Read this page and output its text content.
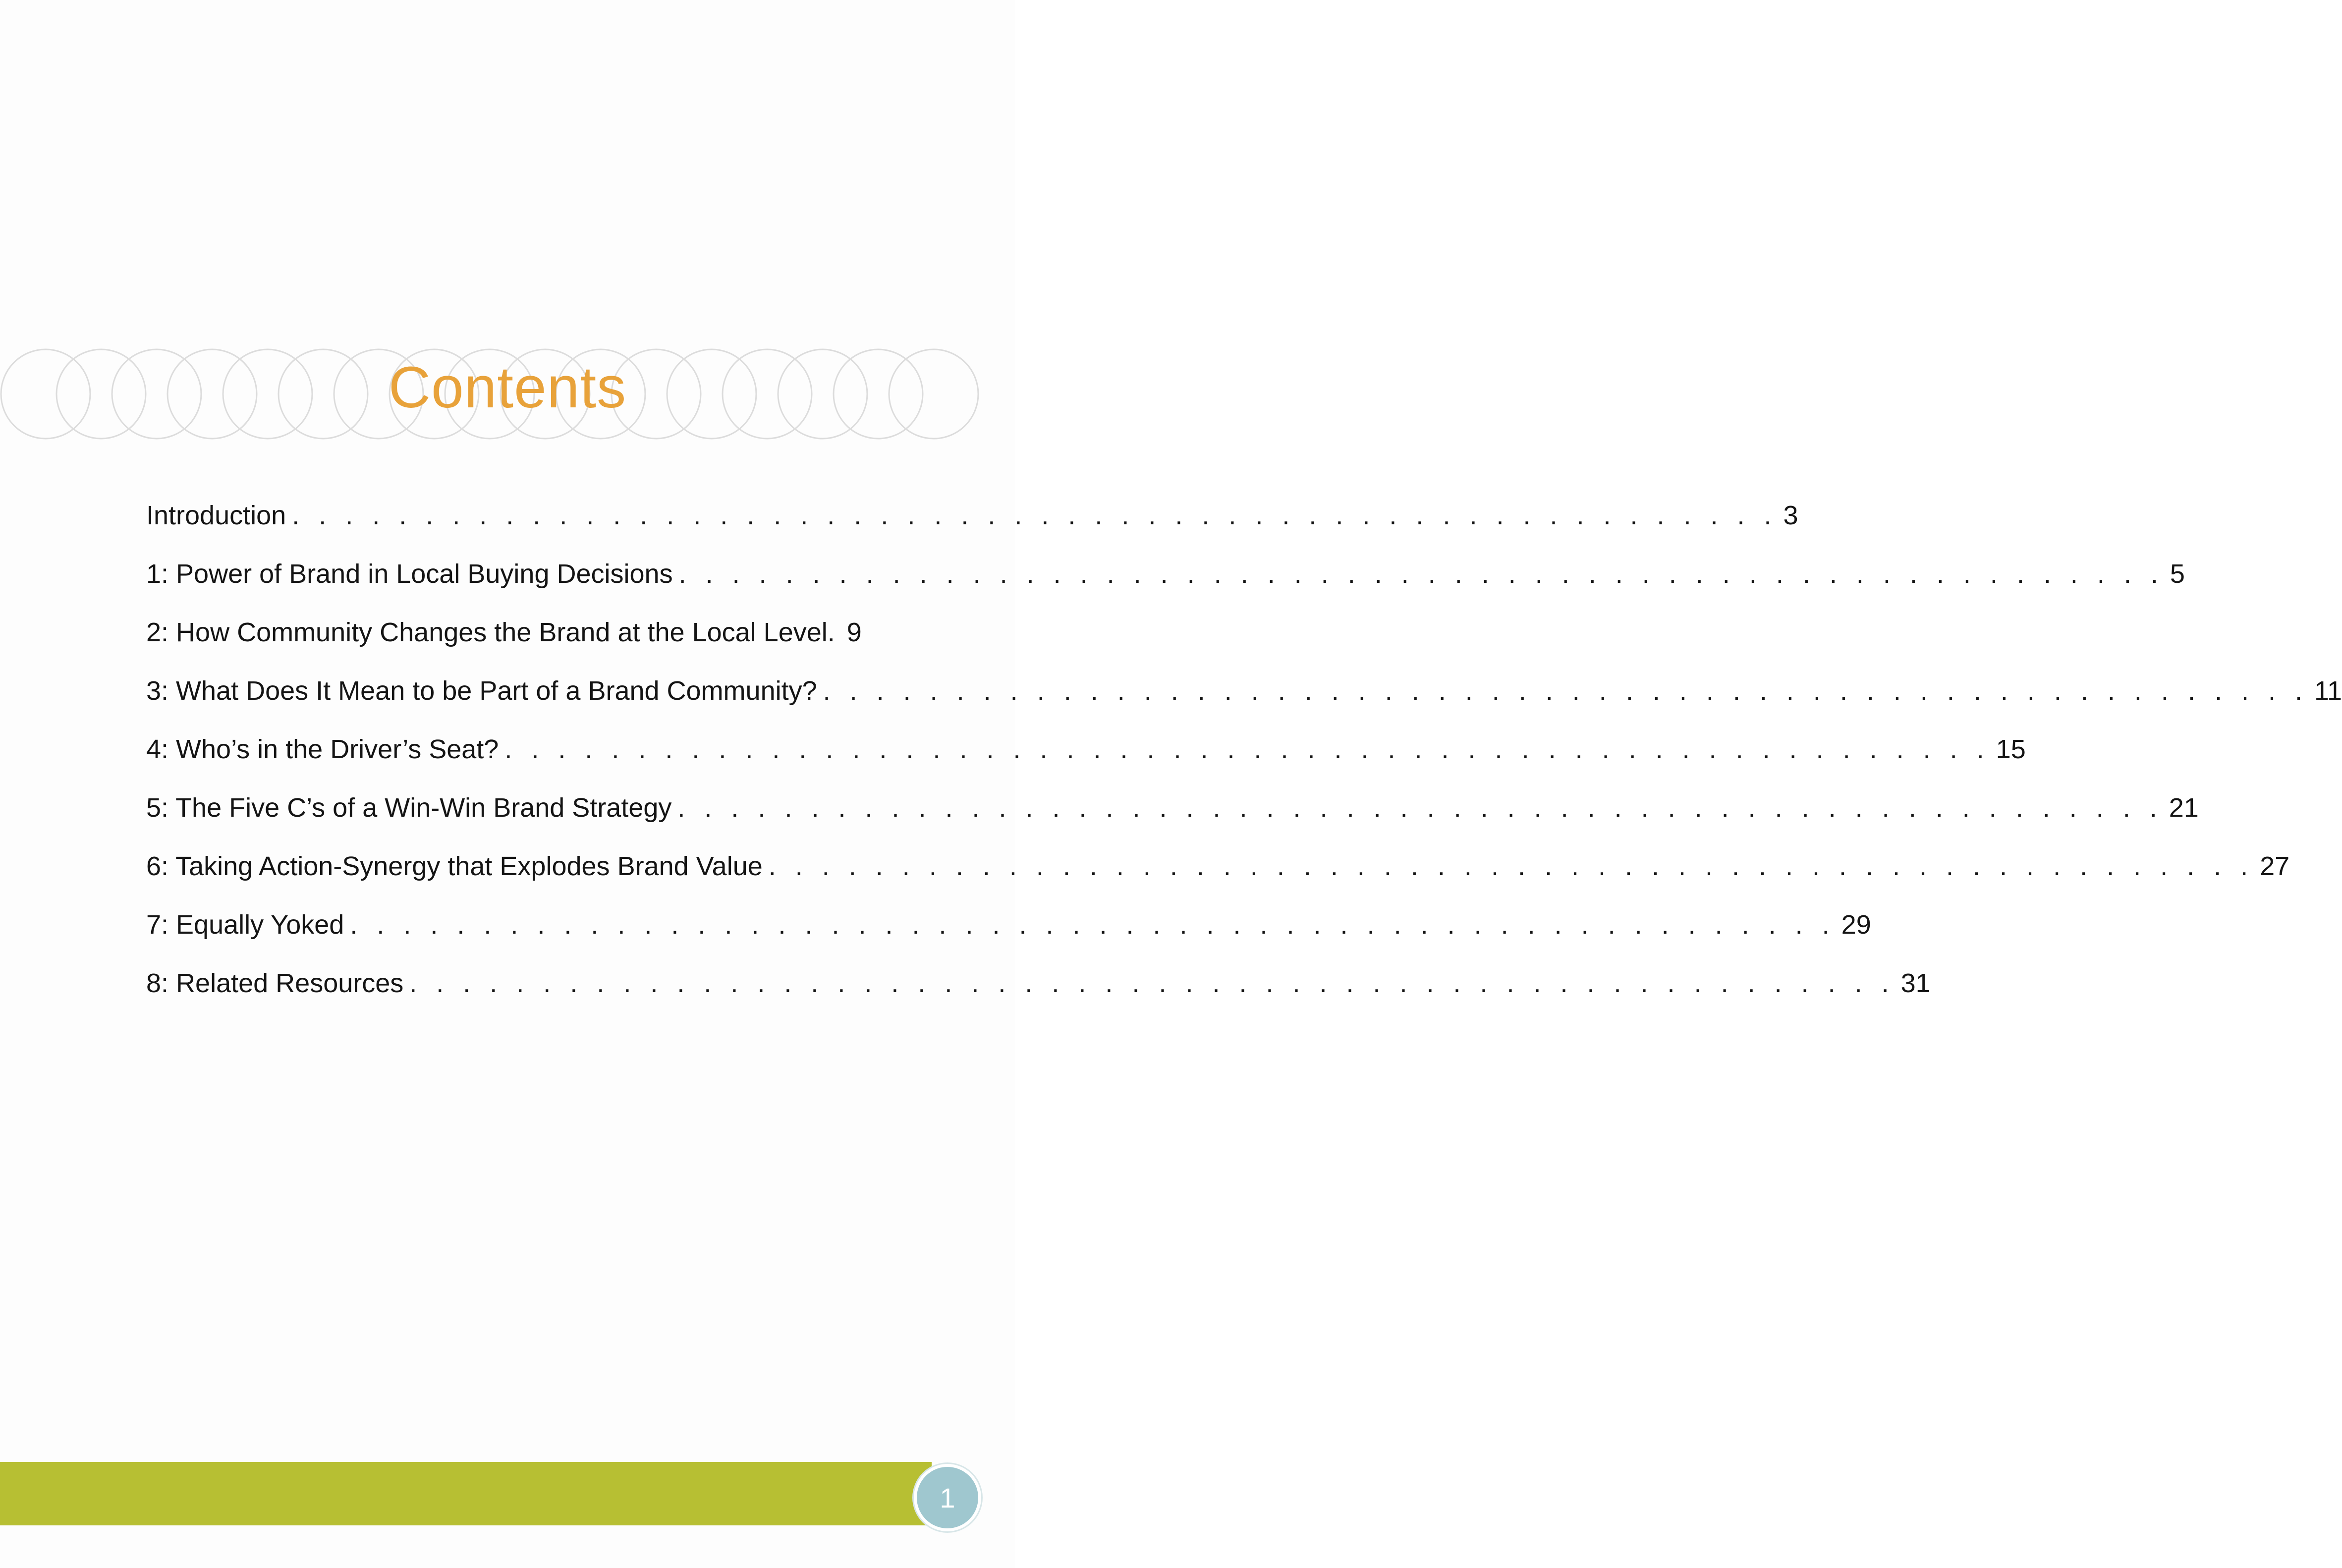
Contents
Introduction . . . . . . . . . . . . . . . . . . . . . . . . . . . . . . . . . . . . . . . . . . . . . . . . . . . . . . . . 3
1: Power of Brand in Local Buying Decisions . . . . . . . . . . . . . . . . . . . . . . . . . . . . . . . . . . . . . . . . . . . . . . . . . . . . . . . . 5
2: How Community Changes the Brand at the Local Level. 9
3: What Does It Mean to be Part of a Brand Community? . . . . . . . . . . . . . . . . . . . . . . . . . . . . . . . . . . . . . . . . . . . . . . . . . . . . . . . . 11
4: Who’s in the Driver’s Seat? . . . . . . . . . . . . . . . . . . . . . . . . . . . . . . . . . . . . . . . . . . . . . . . . . . . . . . . . 15
5: The Five C’s of a Win-Win Brand Strategy . . . . . . . . . . . . . . . . . . . . . . . . . . . . . . . . . . . . . . . . . . . . . . . . . . . . . . . . 21
6: Taking Action-Synergy that Explodes Brand Value . . . . . . . . . . . . . . . . . . . . . . . . . . . . . . . . . . . . . . . . . . . . . . . . . . . . . . . . 27
7: Equally Yoked . . . . . . . . . . . . . . . . . . . . . . . . . . . . . . . . . . . . . . . . . . . . . . . . . . . . . . . . 29
8: Related Resources . . . . . . . . . . . . . . . . . . . . . . . . . . . . . . . . . . . . . . . . . . . . . . . . . . . . . . . . 31
1
